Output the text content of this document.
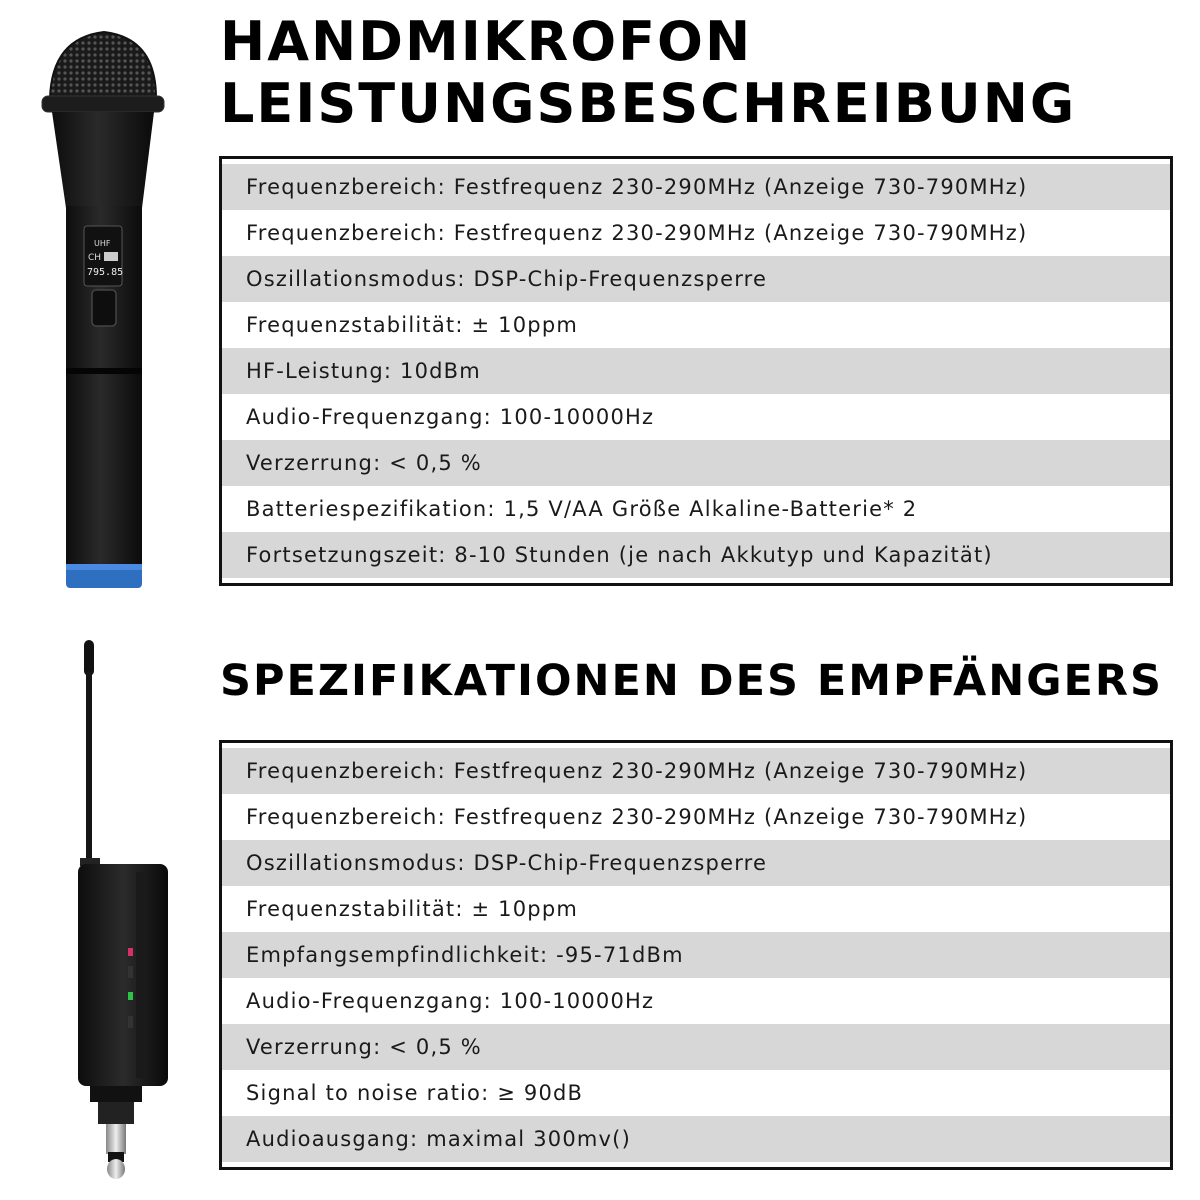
HANDMIKROFON
LEISTUNGSBESCHREIBUNG
SPEZIFIKATIONEN DES EMPFÄNGERS
UHF
CH
795.85
Frequenzbereich: Festfrequenz 230-290MHz (Anzeige 730-790MHz)
Frequenzbereich: Festfrequenz 230-290MHz (Anzeige 730-790MHz)
Oszillationsmodus: DSP-Chip-Frequenzsperre
Frequenzstabilität: ± 10ppm
HF-Leistung: 10dBm
Audio-Frequenzgang: 100-10000Hz
Verzerrung: < 0,5 %
Batteriespezifikation: 1,5 V/AA Größe Alkaline-Batterie* 2
Fortsetzungszeit: 8-10 Stunden (je nach Akkutyp und Kapazität)
Frequenzbereich: Festfrequenz 230-290MHz (Anzeige 730-790MHz)
Frequenzbereich: Festfrequenz 230-290MHz (Anzeige 730-790MHz)
Oszillationsmodus: DSP-Chip-Frequenzsperre
Frequenzstabilität: ± 10ppm
Empfangsempfindlichkeit: -95-71dBm
Audio-Frequenzgang: 100-10000Hz
Verzerrung: < 0,5 %
Signal to noise ratio: ≥ 90dB
Audioausgang: maximal 300mv()
